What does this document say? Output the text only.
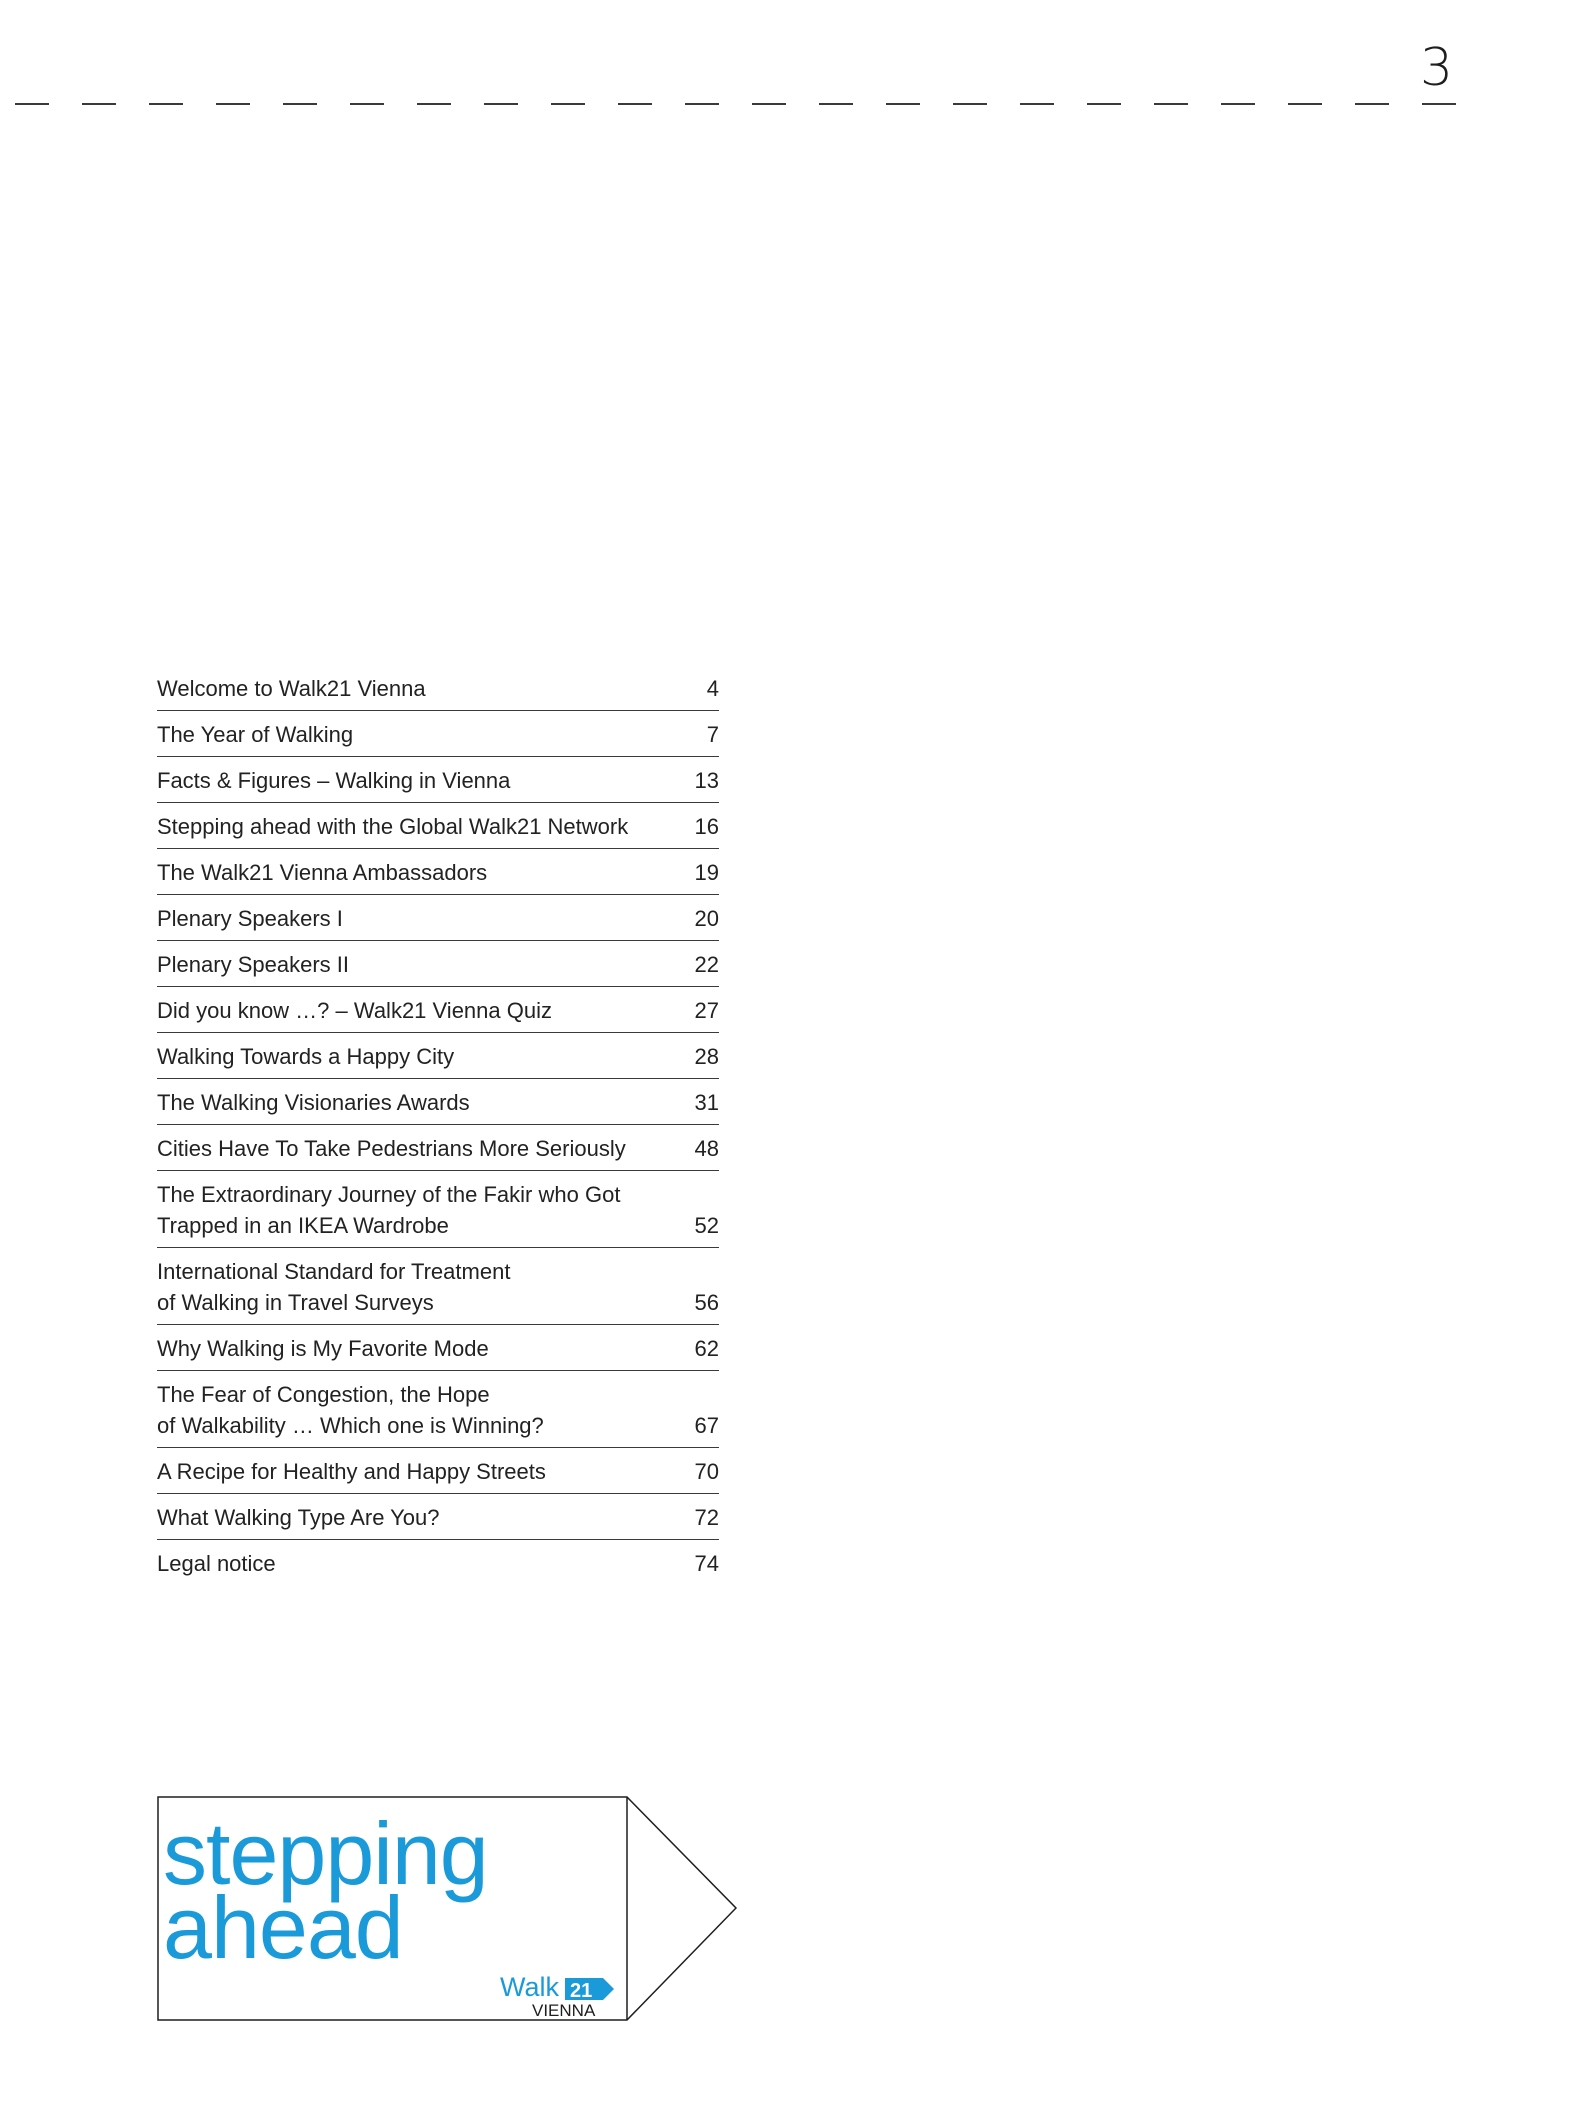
3
Welcome to Walk21 Vienna	4
The Year of Walking	7
Facts & Figures – Walking in Vienna	13
Stepping ahead with the Global Walk21 Network	16
The Walk21 Vienna Ambassadors	19
Plenary Speakers I	20
Plenary Speakers II	22
Did you know …? – Walk21 Vienna Quiz	27
Walking Towards a Happy City	28
The Walking Visionaries Awards	31
Cities Have To Take Pedestrians More Seriously	48
The Extraordinary Journey of the Fakir who Got
Trapped in an IKEA Wardrobe	52
International Standard for Treatment
of Walking in Travel Surveys	56
Why Walking is My Favorite Mode	62
The Fear of Congestion, the Hope
of Walkability … Which one is Winning?	67
A Recipe for Healthy and Happy Streets	70
What Walking Type Are You?	72
Legal notice	74
stepping
ahead
Walk 21
VIENNA
